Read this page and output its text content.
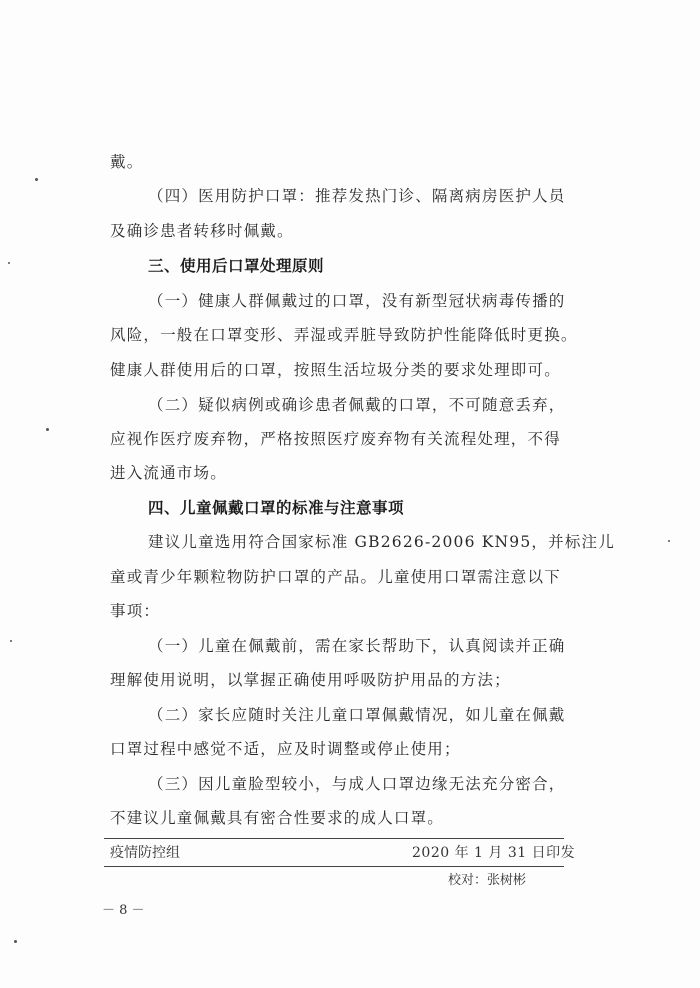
戴。
（四）医用防护口罩：推荐发热门诊、隔离病房医护人员
及确诊患者转移时佩戴。
三、使用后口罩处理原则
（一）健康人群佩戴过的口罩，没有新型冠状病毒传播的
风险，一般在口罩变形、弄湿或弄脏导致防护性能降低时更换。
健康人群使用后的口罩，按照生活垃圾分类的要求处理即可。
（二）疑似病例或确诊患者佩戴的口罩，不可随意丢弃，
应视作医疗废弃物，严格按照医疗废弃物有关流程处理，不得
进入流通市场。
四、儿童佩戴口罩的标准与注意事项
建议儿童选用符合国家标准 GB2626-2006 KN95，并标注儿
童或青少年颗粒物防护口罩的产品。儿童使用口罩需注意以下
事项：
（一）儿童在佩戴前，需在家长帮助下，认真阅读并正确
理解使用说明，以掌握正确使用呼吸防护用品的方法；
（二）家长应随时关注儿童口罩佩戴情况，如儿童在佩戴
口罩过程中感觉不适，应及时调整或停止使用；
（三）因儿童脸型较小，与成人口罩边缘无法充分密合，
不建议儿童佩戴具有密合性要求的成人口罩。
疫情防控组	2020 年 1 月 31 日印发
校对：张树彬
－ 8 －
